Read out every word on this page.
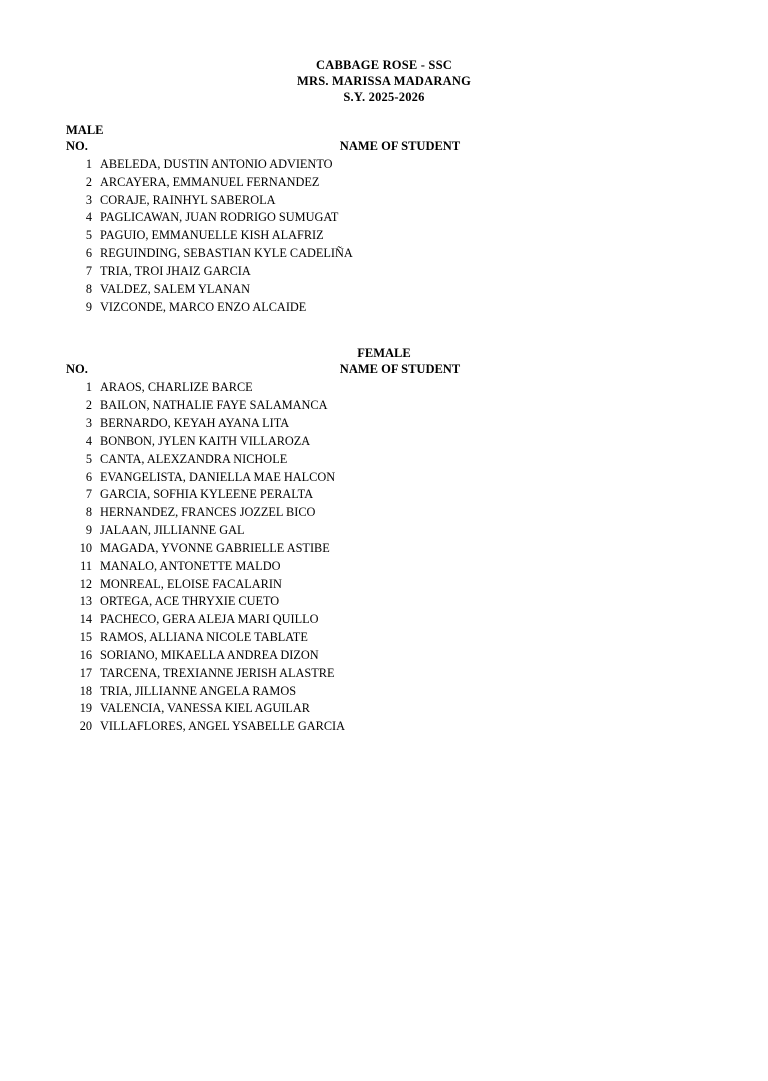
CABBAGE ROSE - SSC
MRS. MARISSA MADARANG
S.Y. 2025-2026
MALE
NO.	NAME OF STUDENT
1 ABELEDA, DUSTIN ANTONIO ADVIENTO
2 ARCAYERA, EMMANUEL FERNANDEZ
3 CORAJE, RAINHYL SABEROLA
4 PAGLICAWAN, JUAN RODRIGO SUMUGAT
5 PAGUIO, EMMANUELLE KISH ALAFRIZ
6 REGUINDING, SEBASTIAN KYLE CADELIÑA
7 TRIA, TROI JHAIZ GARCIA
8 VALDEZ, SALEM YLANAN
9 VIZCONDE, MARCO ENZO ALCAIDE
FEMALE
NO.	NAME OF STUDENT
1 ARAOS, CHARLIZE BARCE
2 BAILON, NATHALIE FAYE SALAMANCA
3 BERNARDO, KEYAH AYANA LITA
4 BONBON, JYLEN KAITH VILLAROZA
5 CANTA, ALEXZANDRA NICHOLE
6 EVANGELISTA, DANIELLA MAE HALCON
7 GARCIA, SOFHIA KYLEENE PERALTA
8 HERNANDEZ, FRANCES JOZZEL BICO
9 JALAAN, JILLIANNE GAL
10 MAGADA, YVONNE GABRIELLE ASTIBE
11 MANALO, ANTONETTE MALDO
12 MONREAL, ELOISE FACALARIN
13 ORTEGA, ACE THRYXIE CUETO
14 PACHECO, GERA ALEJA MARI QUILLO
15 RAMOS, ALLIANA NICOLE TABLATE
16 SORIANO, MIKAELLA ANDREA DIZON
17 TARCENA, TREXIANNE JERISH ALASTRE
18 TRIA, JILLIANNE ANGELA RAMOS
19 VALENCIA, VANESSA KIEL AGUILAR
20 VILLAFLORES, ANGEL YSABELLE GARCIA
